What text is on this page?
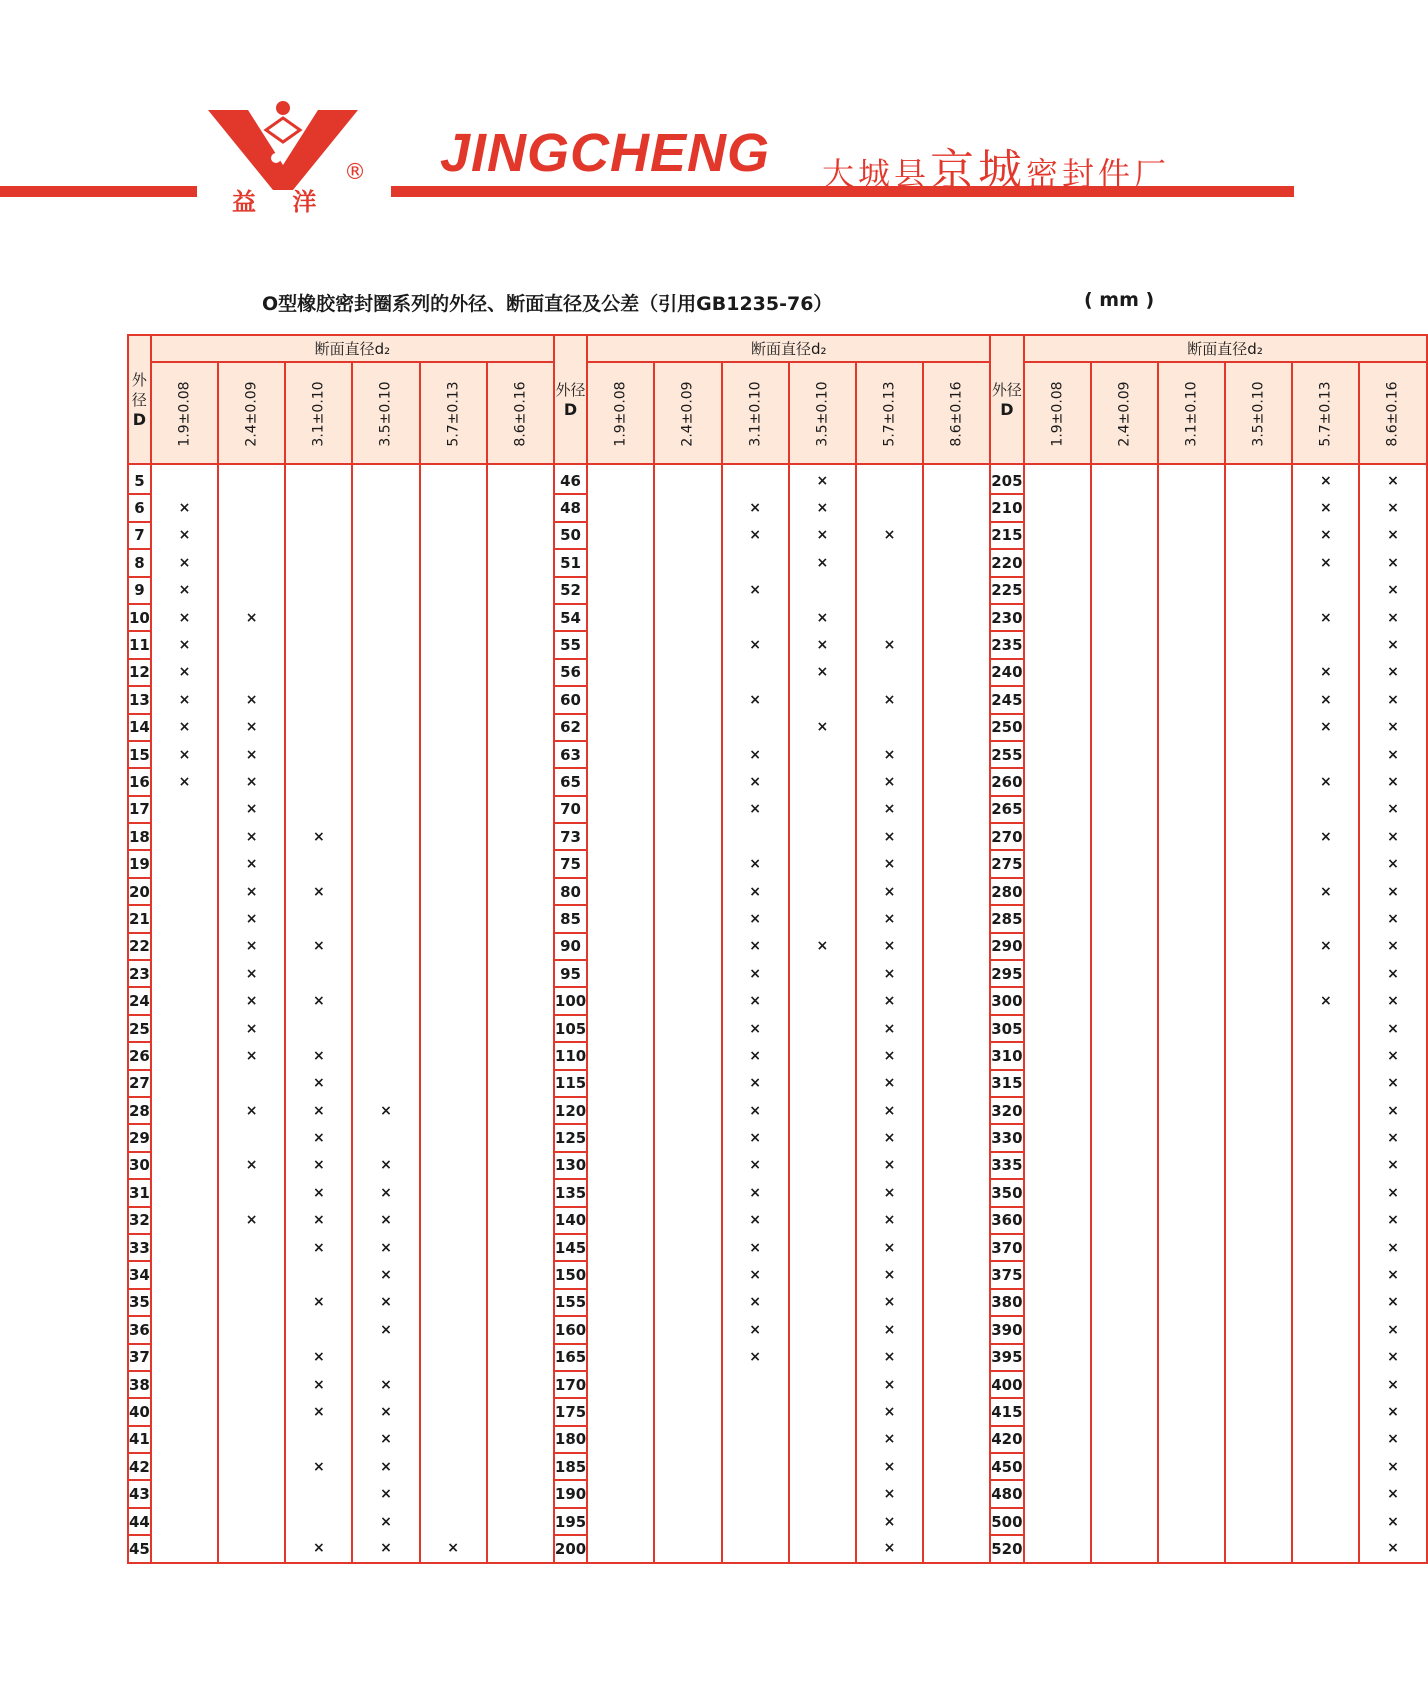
益 洋
® JINGCHENG 大城县京城密封件厂
O型橡胶密封圈系列的外径、断面直径及公差（引用GB1235-76）	( mm )
外径
D	断面直径d₂						外径
D	断面直径d₂						外径
D	断面直径d₂					
	1.9±0.08	2.4±0.09	3.1±0.10	3.5±0.10	5.7±0.13	8.6±0.16		1.9±0.08	2.4±0.09	3.1±0.10	3.5±0.10	5.7±0.13	8.6±0.16		1.9±0.08	2.4±0.09	3.1±0.10	3.5±0.10	5.7±0.13	8.6±0.16
5							46				×			205					×	×
6	×						48			×	×			210					×	×
7	×						50			×	×	×		215					×	×
8	×						51				×			220					×	×
9	×						52			×				225						×
10	×	×					54				×			230					×	×
11	×						55			×	×	×		235						×
12	×						56				×			240					×	×
13	×	×					60			×		×		245					×	×
14	×	×					62				×			250					×	×
15	×	×					63			×		×		255						×
16	×	×					65			×		×		260					×	×
17		×					70			×		×		265						×
18		×	×				73					×		270					×	×
19		×					75			×		×		275						×
20		×	×				80			×		×		280					×	×
21		×					85			×		×		285						×
22		×	×				90			×	×	×		290					×	×
23		×					95			×		×		295						×
24		×	×				100			×		×		300					×	×
25		×					105			×		×		305						×
26		×	×				110			×		×		310						×
27			×				115			×		×		315						×
28		×	×	×			120			×		×		320						×
29			×				125			×		×		330						×
30		×	×	×			130			×		×		335						×
31			×	×			135			×		×		350						×
32		×	×	×			140			×		×		360						×
33			×	×			145			×		×		370						×
34				×			150			×		×		375						×
35			×	×			155			×		×		380						×
36				×			160			×		×		390						×
37			×				165			×		×		395						×
38			×	×			170					×		400						×
40			×	×			175					×		415						×
41				×			180					×		420						×
42			×	×			185					×		450						×
43				×			190					×		480						×
44				×			195					×		500						×
45			×	×	×		200					×		520						×
